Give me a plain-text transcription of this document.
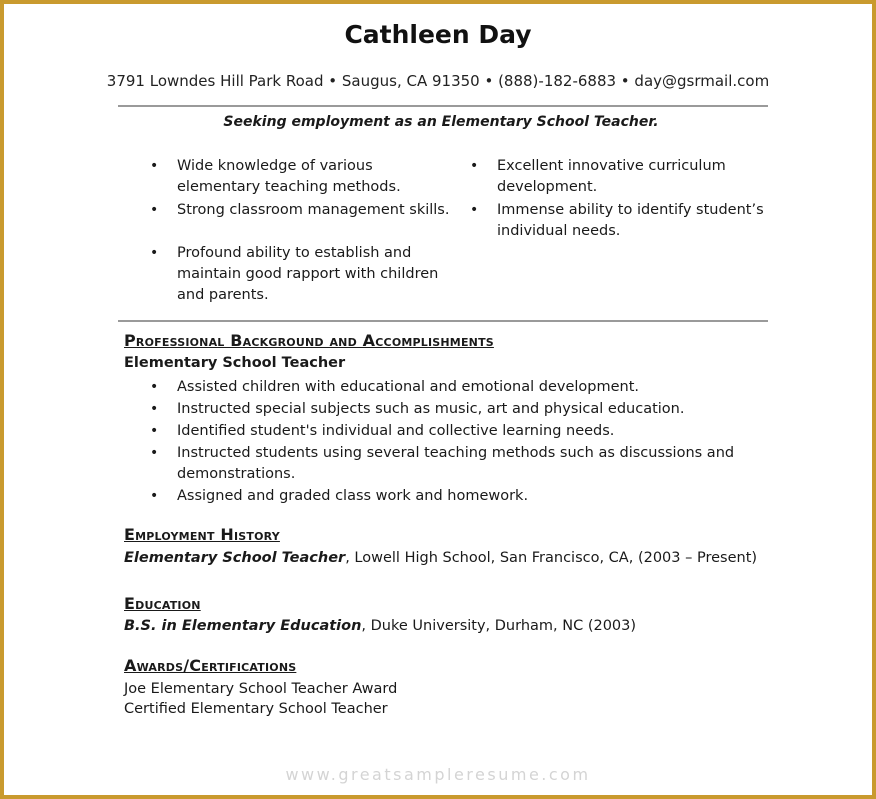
Cathleen Day
3791 Lowndes Hill Park Road • Saugus, CA 91350 • (888)-182-6883 • day@gsrmail.com
Seeking employment as an Elementary School Teacher.
• Wide knowledge of various elementary teaching methods.
• Strong classroom management skills.
• Profound ability to establish and maintain good rapport with children and parents.
• Excellent innovative curriculum development.
• Immense ability to identify student’s individual needs.
Professional Background and Accomplishments
Elementary School Teacher
• Assisted children with educational and emotional development.
• Instructed special subjects such as music, art and physical education.
• Identified student's individual and collective learning needs.
• Instructed students using several teaching methods such as discussions and demonstrations.
• Assigned and graded class work and homework.
Employment History
Elementary School Teacher, Lowell High School, San Francisco, CA, (2003 – Present)
Education
B.S. in Elementary Education, Duke University, Durham, NC (2003)
Awards/Certifications
Joe Elementary School Teacher Award
Certified Elementary School Teacher
www.greatsampleresume.com
